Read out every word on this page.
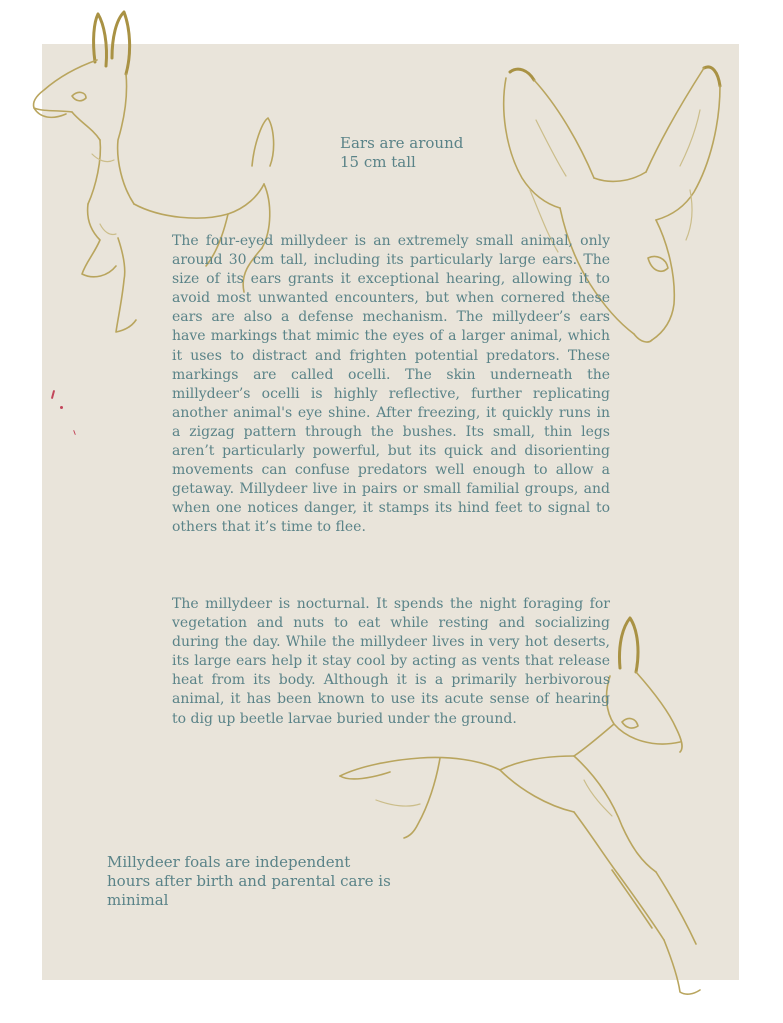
Ears are around
15 cm tall

The four-eyed millydeer is an extremely small animal, only around 30 cm tall, including its particularly large ears. The size of its ears grants it exceptional hearing, allowing it to avoid most unwanted encounters, but when cornered these ears are also a defense mechanism. The millydeer’s ears have markings that mimic the eyes of a larger animal, which it uses to distract and frighten potential predators. These markings are called ocelli. The skin underneath the millydeer’s ocelli is highly reflective, further replicating another animal's eye shine. After freezing, it quickly runs in a zigzag pattern through the bushes. Its small, thin legs aren’t particularly powerful, but its quick and disorienting movements can confuse predators well enough to allow a getaway. Millydeer live in pairs or small familial groups, and when one notices danger, it stamps its hind feet to signal to others that it’s time to flee.

The millydeer is nocturnal. It spends the night foraging for vegetation and nuts to eat while resting and socializing during the day. While the millydeer lives in very hot deserts, its large ears help it stay cool by acting as vents that release heat from its body. Although it is a primarily herbivorous animal, it has been known to use its acute sense of hearing to dig up beetle larvae buried under the ground.

Millydeer foals are independent
hours after birth and parental care is
minimal
